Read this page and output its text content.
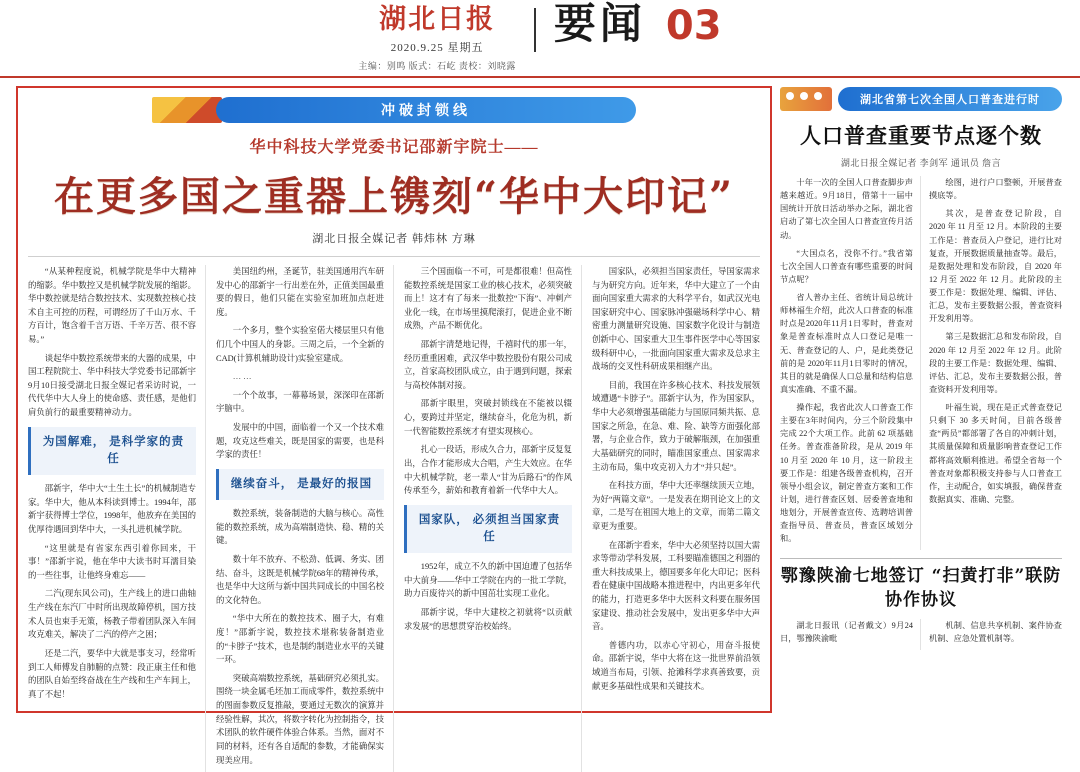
湖北日报
2020.9.25 星期五
主编：别鸣 版式：石屹 责校：刘晓露
要闻 03
冲破封锁线
华中科技大学党委书记邵新宇院士——
在更多国之重器上镌刻“华中大印记”
湖北日报全媒记者 韩炜林 方琳

“从某种程度说，机械学院是华中大精神的缩影。华中数控又是机械学院发展的缩影。华中数控就是结合数控技术、实现数控核心技术自主可控的历程，可谓经历了千山万水、千方百计，饱含着千言万语、千辛万苦、很不容易。”

谈起华中数控系统带来的大器的成果，中国工程院院士、华中科技大学党委书记邵新宇9月10日接受湖北日报全媒记者采访时说，一代代华中大人身上的使命感、责任感，是他们肩负前行的最重要精神动力。

为国解难， 是科学家的责任

邵新宇，华中大“土生土长”的机械制造专家。华中大，他从本科读到博士。1994年，邵新宇获得博士学位，1998年，他放弃在美国的优厚待遇回到华中大，一头扎进机械学院。

“这里就是有省家东西引着你回来，干事！”邵新宇说，他在华中大读书时耳濡目染的一些往事，让他终身难忘——

二汽(现东风公司)，生产线上的进口曲轴生产线在东汽厂中时所出现故障停机，国方技术人员也束手无策，杨教子带着团队深入车间攻克难关，解决了二汽的停产之困；

还是二汽，要华中大就是事支习，经常听到工人师傅发自肺腑的点赞：段正康主任和他的团队自始至终奋战在生产线和生产车间上，真了不起！

美国纽约州，圣诞节，驻美国通用汽车研发中心的邵新宇一行出差在外，正值美国最重要的假日，他们只能在实验室加班加点赶进度。

一个多月，整个实验室偌大楼层里只有他们几个中国人的身影。三周之后，一个全新的CAD(计算机辅助设计)实验室建成。

……

一个个故事，一幕幕场景，深深印在邵新宇脑中。

发展中的中国，面临着一个又一个技术难题，攻克这些难关，既是国家的需要，也是科学家的责任！

继续奋斗， 是最好的报国

数控系统，装备制造的大脑与核心。高性能的数控系统，成为高端制造快、稳、精的关键。

数十年不放弃、不松劲、低调、务实、团结、奋斗，这既是机械学院68年的精神传承，也是华中大这所与新中国共同成长的中国名校的文化特色。

“华中大所在的数控技术、圈子大，有难度！”邵新宇说，数控技术堪称装备制造业的“卡脖子”技术，也是制约制造业水平的关键一环。

突破高端数控系统，基础研究必须扎实。围绕一块金属毛坯加工而成零件，数控系统中的图面参数反复推敲，要通过无数次的演算并经验性解，其次，将数字转化为控制指令，技术团队的软件硬件体验合体系。当然，面对不同的材料，还有各自适配的参数，才能确保实现美应用。

三个国面临一不可，可是都很难！但高性能数控系统是国家工业的核心技术，必须突破而上！这才有了每来一批数控“下海”、冲刺产业化一线，在市场里摸爬滚打，促进企业不断成熟，产品不断优化。

邵新宇清楚地记得，千禧时代的那一年，经历重重困难，武汉华中数控股份有限公司成立，首家高校团队成立，由于遇到问题，探索与高校体制对接。

邵新宇眼里，突破封锁线在不能被以辍心，要跨过并坚定，继续奋斗，化危为机，新一代智能数控系统才有望实现核心。

扎心一段话，形成久合力，邵新宇反复复出，合作才能形成大合唱，产生大效应。在华中大机械学院，老一辈人“甘为后路石”的作风传承至今，薪始和教育着新一代华中大人。

国家队， 必须担当国家责任

1952年，成立不久的新中国迫遭了包括华中大前身——华中工学院在内的一批工学院，助力百废待兴的新中国茁壮实现工业化。

邵新宇说，华中大建校之初就将“以贡献求发展”的思想贯穿治校始终。

国家队，必须担当国家责任，导国家需求与为研究方向。近年来，华中大建立了一个由面向国家重大需求的大科学平台，如武汉光电国家研究中心、国家脉冲强磁场科学中心、精密重力测量研究设施、国家数字化设计与制造创新中心、国家重大卫生事件医学中心等国家级科研中心，一批面向国家重大需求及总求主战场的交叉性科研成果相继产出。

目前，我国在许多核心技术、科技发展领域遭遇“卡脖子”。邵新宇认为，作为国家队，华中大必须增强基础能力与国原同频共振、息国家之所急，在急、难、险、缺等方面强化部署，与企业合作，致力于破解瓶颈，在加强重大基础研究的同时，瞄准国家重点、国家需求主动布局，集中攻克初入力才“并只起”。

在科技方面，华中大还率继续顶天立地，为好“两篇文章”。一是发表在期刊论文上的文章，二是写在祖国大地上的文章，而第二篇文章更为重要。

在邵新宇看来，华中大必须坚持以国大需求等带动学科发展，工科要瞄准德国之利器的重大科技成果上，德国要多年化大印记；医科看在健康中国战略本推进程中，内出更多年代的能力，打造更多华中大医科文科要在服务国家建设、推动社会发展中，发出更多华中大声音。

普德内功，以赤心守初心，用奋斗报使命。邵新宇说，华中大将在这一批世界前沿领域道当布局，引领、抢滩科学求真善致要，贡献更多基础性成果和关键技术。

湖北省第七次全国人口普查进行时
人口普查重要节点逐个数
湖北日报全媒记者 李剑军 通讯员 詹言

十年一次的全国人口普查脚步声越来越近。9月18日，借第十一届中国统计开放日活动举办之际，湖北省启动了第七次全国人口普查宣传月活动。

“大国点名，没你不行。”我省第七次全国人口普查有哪些重要的时间节点呢？

省人普办主任、省统计局总统计师林福生介绍，此次人口普查的标准时点是2020年11月1日零时，普查对象是普查标准时点人口登记是唯一无、普查登记的人、户，是此类登记前的是 2020年11月1日零时的情况，其目的就是确保人口总量和结构信息真实准确、不重不漏。

操作起，我省此次人口普查工作主要在3年时间内，分三个阶段集中完成 22个大项工作。此前 62 项基础任务。普查准备阶段，是从 2019 年 10 月至 2020 年 10 月，这一阶段主要工作是：组建各级普查机构，召开领导小组会议，制定普查方案和工作计划，进行普查区划、居委普查地和地划分，开展普查宣传、选聘培训普查指导员、普查员，普查区域划分和。

绘图，进行户口整顿，开展普查摸底等。

其次，是普查登记阶段，自 2020 年 11 月至 12 月。本阶段的主要工作是：普查员入户登记，进行比对复查，开展数据质量抽查等。最后，是数据处理和发布阶段，自 2020 年 12 月至 2022 年 12 月。此阶段的主要工作是：数据处理、编辑、评估、汇总，发布主要数据公报，普查资料开发利用等。

第三是数据汇总和发布阶段，自 2020 年 12 月至 2022 年 12 月。此阶段的主要工作是：数据处理、编辑、评估、汇总，发布主要数据公报，普查资料开发利用等。

叶福生说，现在是正式普查登记只剩下 30 多天时间，目前各级普查“两员”都部署了各自的冲刺计划，其质量保障和质量影响普查登记工作都将高效顺利推进。希望全省每一个普查对象都积极支持参与人口普查工作，主动配合，如实填报，确保普查数据真实、准确、完整。

鄂豫陕渝七地签订 “扫黄打非”联防协作协议

湖北日报讯（记者戴文）9月24日，鄂豫陕渝毗

机制、信息共享机制、案件协查机制、应急处置机制等。
